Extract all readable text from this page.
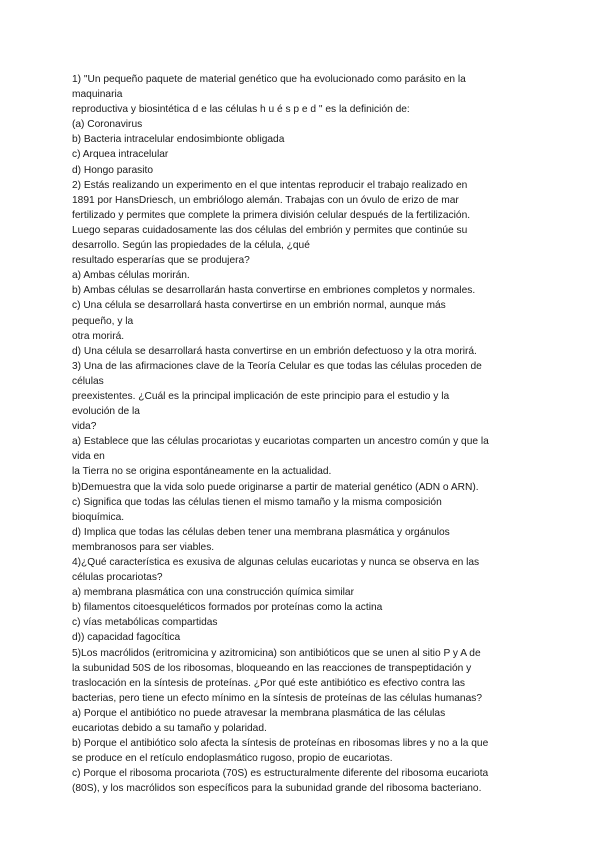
1) "Un pequeño paquete de material genético que ha evolucionado como parásito en la
maquinaria
reproductiva y biosintética d e las células h u é s p e d " es la definición de:
(a) Coronavirus
b) Bacteria intracelular endosimbionte obligada
c) Arquea intracelular
d) Hongo parasito
2) Estás realizando un experimento en el que intentas reproducir el trabajo realizado en
1891 por HansDriesch, un embriólogo alemán. Trabajas con un óvulo de erizo de mar
fertilizado y permites que complete la primera división celular después de la fertilización.
Luego separas cuidadosamente las dos células del embrión y permites que continúe su
desarrollo. Según las propiedades de la célula, ¿qué
resultado esperarías que se produjera?
a) Ambas células morirán.
b) Ambas células se desarrollarán hasta convertirse en embriones completos y normales.
c) Una célula se desarrollará hasta convertirse en un embrión normal, aunque más
pequeño, y la
otra morirá.
d) Una célula se desarrollará hasta convertirse en un embrión defectuoso y la otra morirá.
3) Una de las afirmaciones clave de la Teoría Celular es que todas las células proceden de
células
preexistentes. ¿Cuál es la principal implicación de este principio para el estudio y la
evolución de la
vida?
a) Establece que las células procariotas y eucariotas comparten un ancestro común y que la
vida en
la Tierra no se origina espontáneamente en la actualidad.
b)Demuestra que la vida solo puede originarse a partir de material genético (ADN o ARN).
c) Significa que todas las células tienen el mismo tamaño y la misma composición
bioquímica.
d) Implica que todas las células deben tener una membrana plasmática y orgánulos
membranosos para ser viables.
4)¿Qué característica es exusiva de algunas celulas eucariotas y nunca se observa en las
células procariotas?
a) membrana plasmática con una construcción química similar
b) filamentos citoesqueléticos formados por proteínas como la actina
c) vías metabólicas compartidas
d)) capacidad fagocítica
5)Los macrólidos (eritromicina y azitromicina) son antibióticos que se unen al sitio P y A de
la subunidad 50S de los ribosomas, bloqueando en las reacciones de transpeptidación y
traslocación en la síntesis de proteínas. ¿Por qué este antibiótico es efectivo contra las
bacterias, pero tiene un efecto mínimo en la síntesis de proteínas de las células humanas?
a) Porque el antibiótico no puede atravesar la membrana plasmática de las células
eucariotas debido a su tamaño y polaridad.
b) Porque el antibiótico solo afecta la síntesis de proteínas en ribosomas libres y no a la que
se produce en el retículo endoplasmático rugoso, propio de eucariotas.
c) Porque el ribosoma procariota (70S) es estructuralmente diferente del ribosoma eucariota
(80S), y los macrólidos son específicos para la subunidad grande del ribosoma bacteriano.
